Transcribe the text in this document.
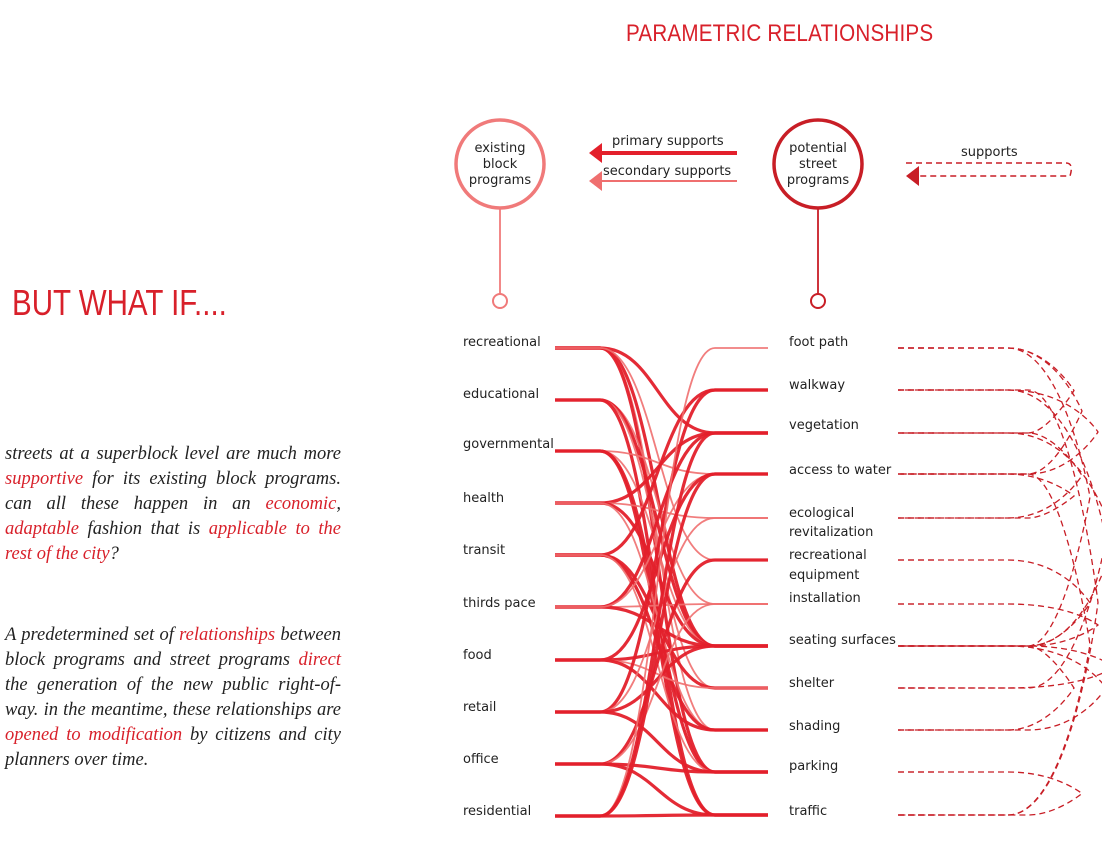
PARAMETRIC RELATIONSHIPS
BUT WHAT IF....

streets at a superblock level are much more supportive for its existing block programs. can all these happen in an economic, adaptable fashion that is applicable to the rest of the city?

A predetermined set of relationships between block programs and street programs direct the generation of the new public right-of-way. in the meantime, these relationships are opened to modification by citizens and city planners over time.

existing
block
programs
potential
street
programs
primary supports
secondary supports
supports
recreational
educational
governmental
health
transit
thirds pace
food
retail
office
residential
foot path
walkway
vegetation
access to water
ecological
revitalization
recreational
equipment
installation
seating surfaces
shelter
shading
parking
traffic
